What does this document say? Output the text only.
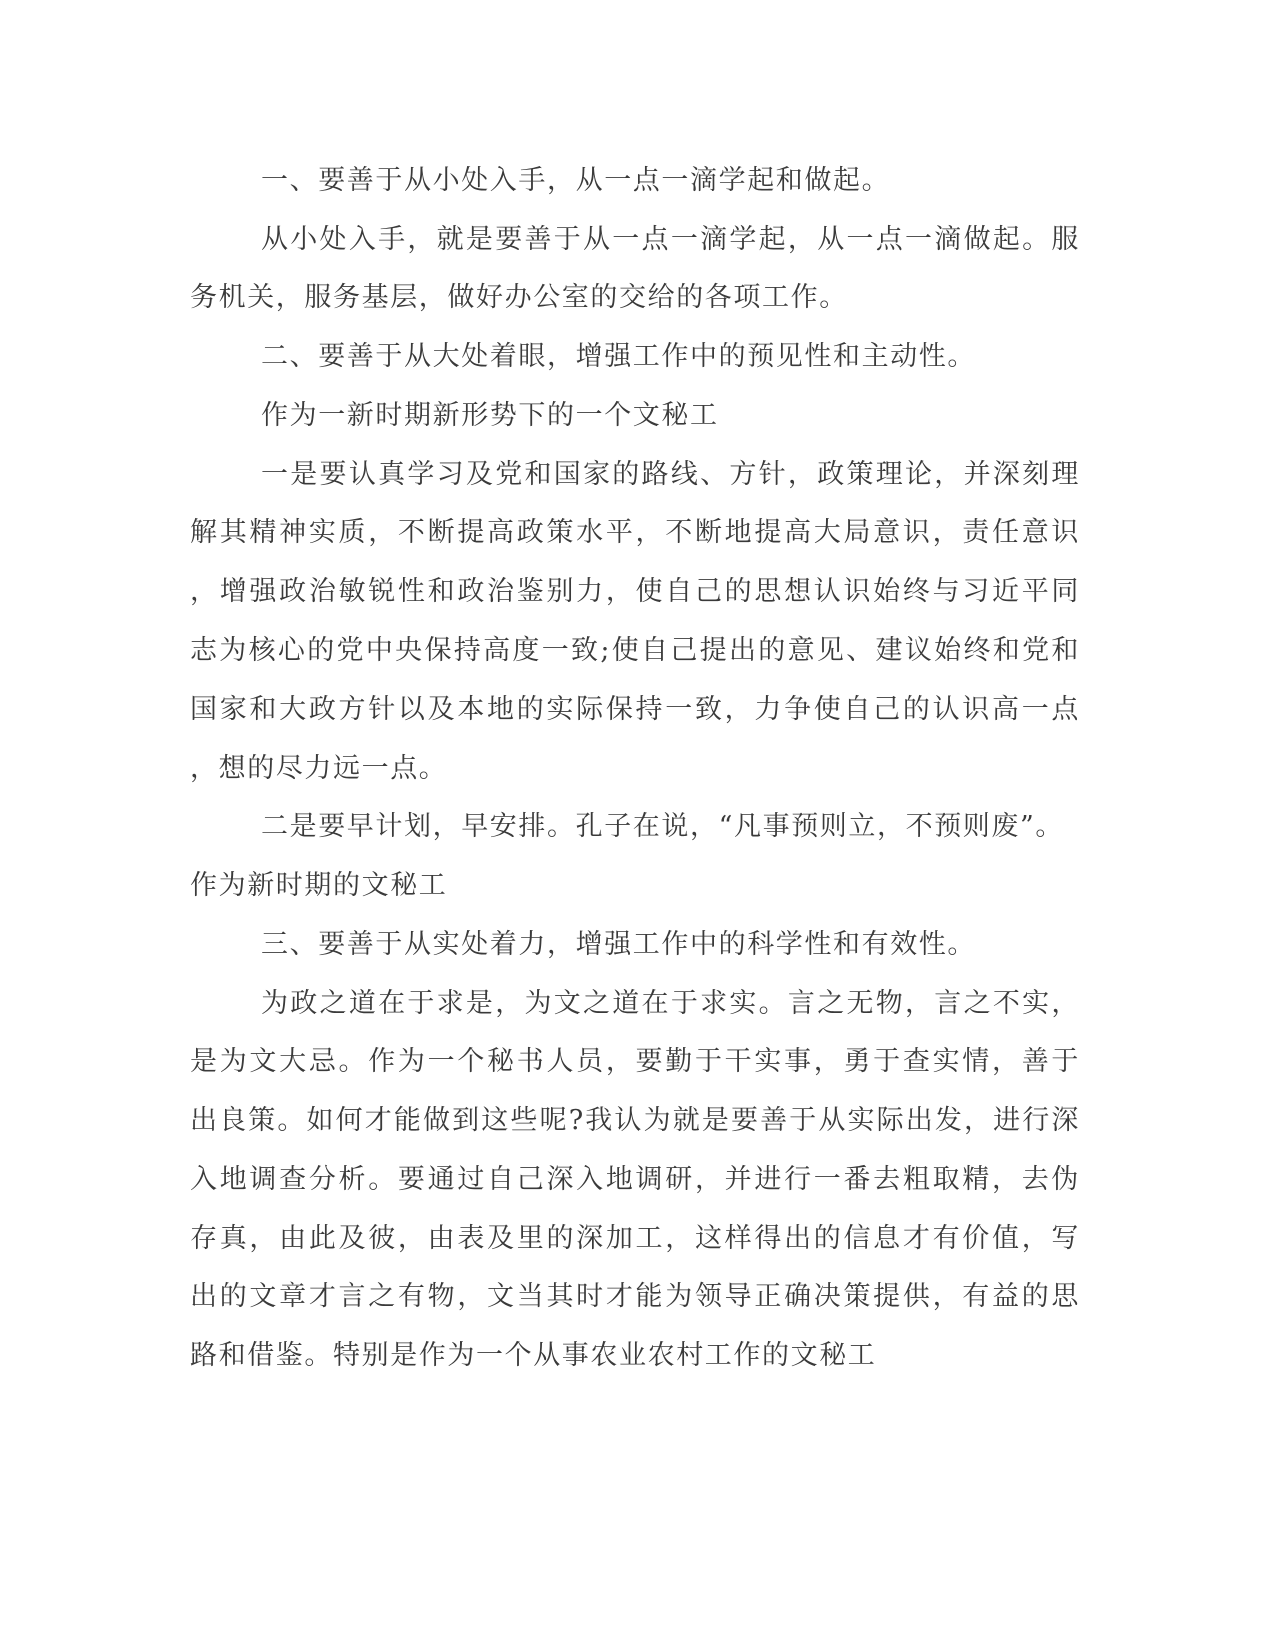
一、要善于从小处入手，从一点一滴学起和做起。
从小处入手，就是要善于从一点一滴学起，从一点一滴做起。服
务机关，服务基层，做好办公室的交给的各项工作。
二、要善于从大处着眼，增强工作中的预见性和主动性。
作为一新时期新形势下的一个文秘工
一是要认真学习及党和国家的路线、方针，政策理论，并深刻理
解其精神实质，不断提高政策水平，不断地提高大局意识，责任意识
，增强政治敏锐性和政治鉴别力，使自己的思想认识始终与习近平同
志为核心的党中央保持高度一致;使自己提出的意见、建议始终和党和
国家和大政方针以及本地的实际保持一致，力争使自己的认识高一点
，想的尽力远一点。
二是要早计划，早安排。孔子在说，“凡事预则立，不预则废”。
作为新时期的文秘工
三、要善于从实处着力，增强工作中的科学性和有效性。
为政之道在于求是，为文之道在于求实。言之无物，言之不实，
是为文大忌。作为一个秘书人员，要勤于干实事，勇于查实情，善于
出良策。如何才能做到这些呢?我认为就是要善于从实际出发，进行深
入地调查分析。要通过自己深入地调研，并进行一番去粗取精，去伪
存真，由此及彼，由表及里的深加工，这样得出的信息才有价值，写
出的文章才言之有物，文当其时才能为领导正确决策提供，有益的思
路和借鉴。特别是作为一个从事农业农村工作的文秘工
